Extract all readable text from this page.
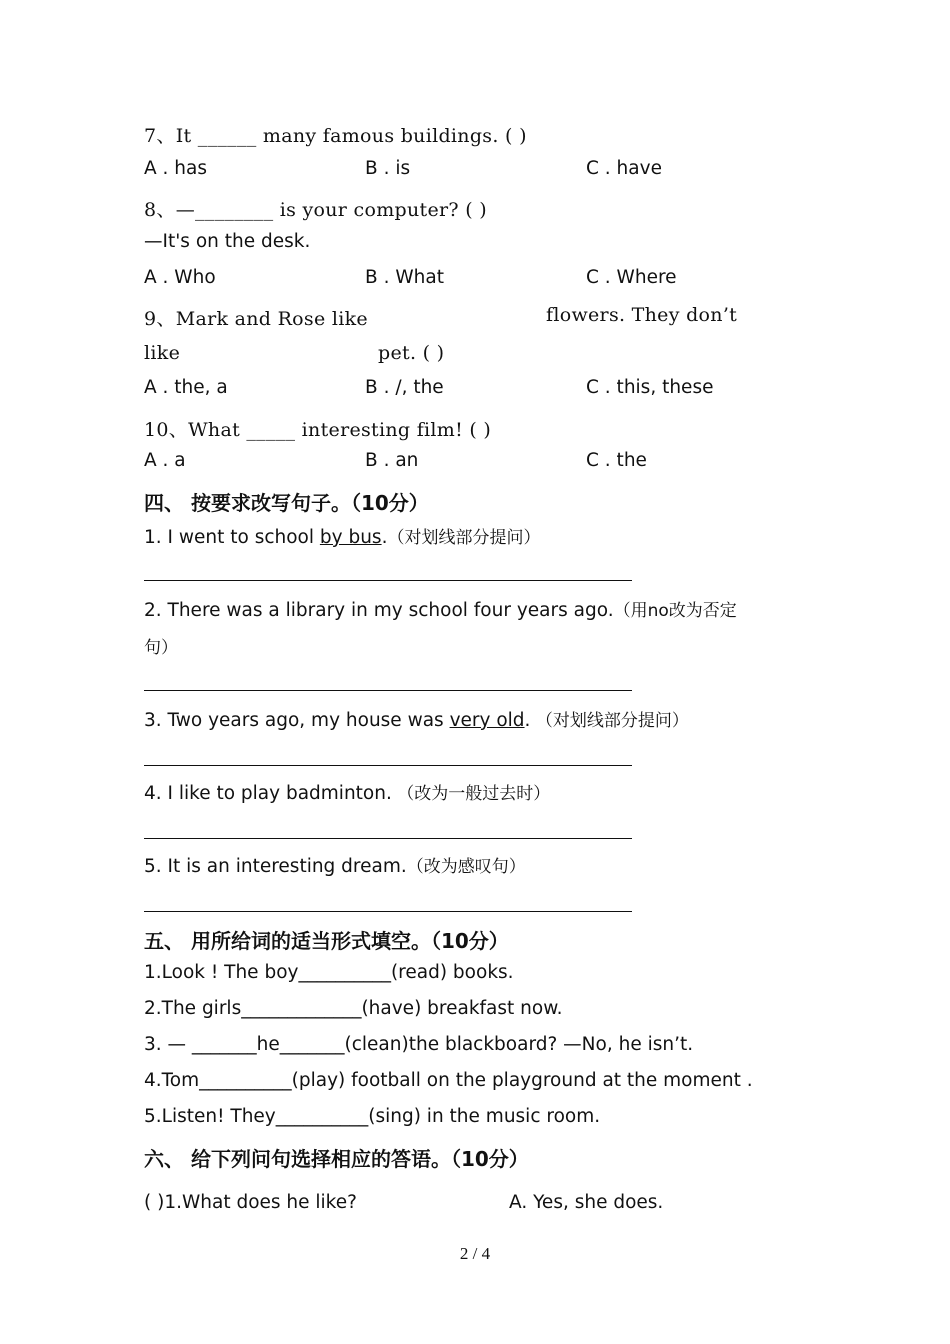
7、It ______ many famous buildings. ( )
A . has	B . is	C . have
8、—________ is your computer? ( )
—It's on the desk.
A . Who	B . What	C . Where
9、Mark and Rose like	flowers. They don’t
like	pet. ( )
A . the, a	B . /, the	C . this, these
10、What _____ interesting film! ( )
A . a	B . an	C . the
四、 按要求改写句子。（10分）
1. I went to school by bus.（对划线部分提问）
2. There was a library in my school four years ago.（用no改为否定
句）
3. Two years ago, my house was very old. （对划线部分提问）
4. I like to play badminton. （改为一般过去时）
5. It is an interesting dream.（改为感叹句）
五、 用所给词的适当形式填空。（10分）
1.Look ! The boy__________(read) books.
2.The girls_____________(have) breakfast now.
3. — _______he_______(clean)the blackboard? —No, he isn’t.
4.Tom__________(play) football on the playground at the moment .
5.Listen! They__________(sing) in the music room.
六、 给下列问句选择相应的答语。（10分）
( )1.What does he like?	A. Yes, she does.
2 / 4
